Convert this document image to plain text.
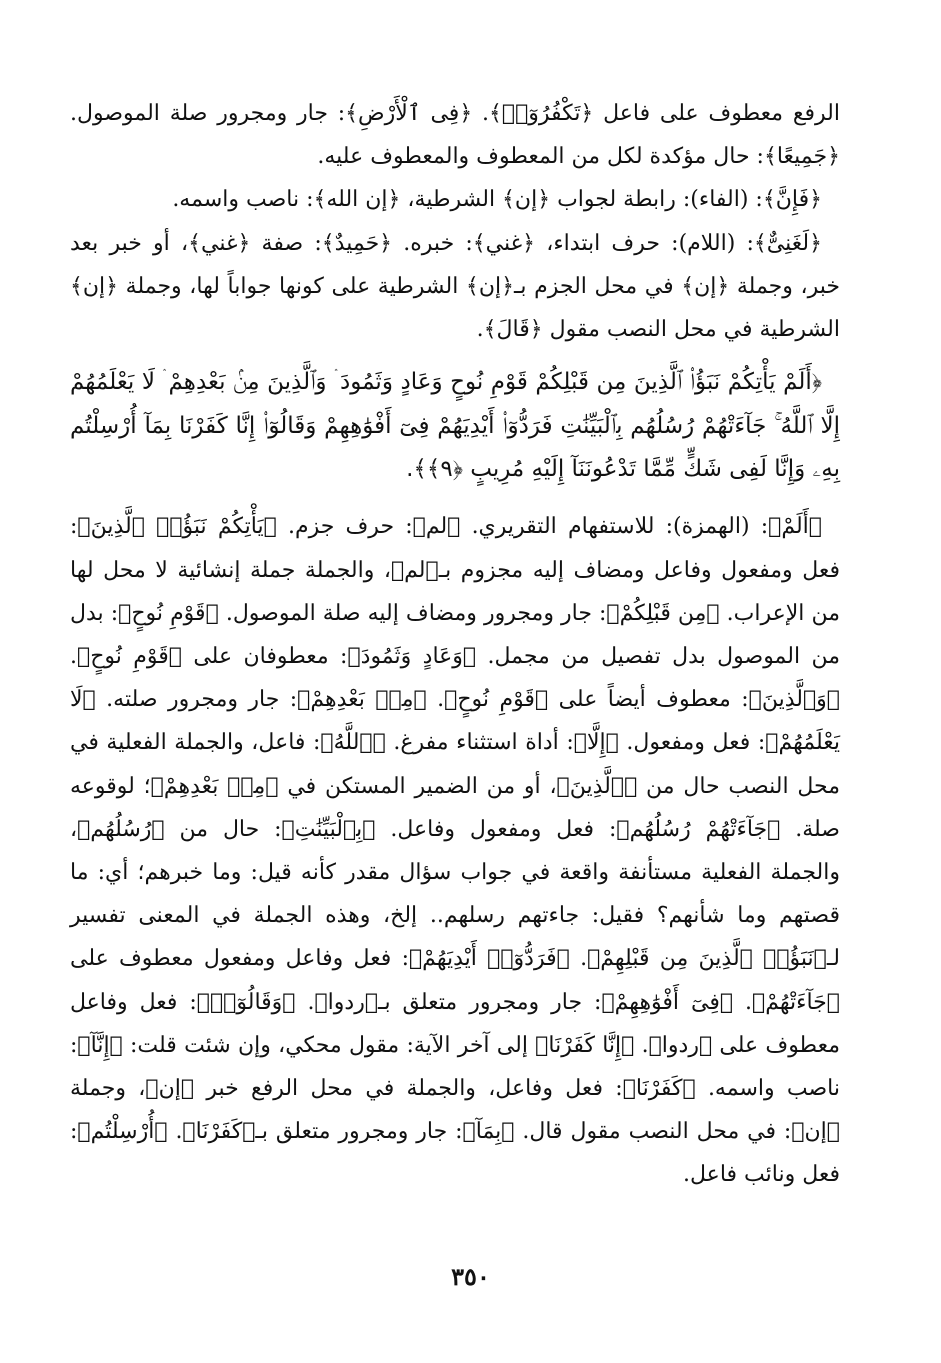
الرفع معطوف على فاعل ﴿تَكْفُرُوٓا۟﴾. ﴿فِى ٱلْأَرْضِ﴾: جار ومجرور صلة الموصول. ﴿جَمِيعًا﴾: حال مؤكدة لكل من المعطوف والمعطوف عليه.

﴿فَإِنَّ﴾: (الفاء): رابطة لجواب ﴿إن﴾ الشرطية، ﴿إن الله﴾: ناصب واسمه.

﴿لَغَنِىٌّ﴾: (اللام): حرف ابتداء، ﴿غني﴾: خبره. ﴿حَمِيدٌ﴾: صفة ﴿غني﴾، أو خبر بعد خبر، وجملة ﴿إن﴾ في محل الجزم بـ﴿إن﴾ الشرطية على كونها جواباً لها، وجملة ﴿إن﴾ الشرطية في محل النصب مقول ﴿قَالَ﴾.

﴿أَلَمْ يَأْتِكُمْ نَبَؤُا۟ ٱلَّذِينَ مِن قَبْلِكُمْ قَوْمِ نُوحٍ وَعَادٍ وَثَمُودَ ۛ وَٱلَّذِينَ مِنۢ بَعْدِهِمْ ۛ لَا يَعْلَمُهُمْ إِلَّا ٱللَّهُ ۚ جَآءَتْهُمْ رُسُلُهُم بِٱلْبَيِّنَٰتِ فَرَدُّوٓا۟ أَيْدِيَهُمْ فِىٓ أَفْوَٰهِهِمْ وَقَالُوٓا۟ إِنَّا كَفَرْنَا بِمَآ أُرْسِلْتُم بِهِۦ وَإِنَّا لَفِى شَكٍّ مِّمَّا تَدْعُونَنَآ إِلَيْهِ مُرِيبٍ ﴿٩﴾﴾.

﴿أَلَمْ﴾: (الهمزة): للاستفهام التقريري. ﴿لم﴾: حرف جزم. ﴿يَأْتِكُمْ نَبَؤُا۟ ٱلَّذِينَ﴾: فعل ومفعول وفاعل ومضاف إليه مجزوم بـ﴿لم﴾، والجملة جملة إنشائية لا محل لها من الإعراب. ﴿مِن قَبْلِكُمْ﴾: جار ومجرور ومضاف إليه صلة الموصول. ﴿قَوْمِ نُوحٍ﴾: بدل من الموصول بدل تفصيل من مجمل. ﴿وَعَادٍ وَثَمُودَ﴾: معطوفان على ﴿قَوْمِ نُوحٍ﴾. ﴿وَٱلَّذِينَ﴾: معطوف أيضاً على ﴿قَوْمِ نُوحٍ﴾. ﴿مِنۢ بَعْدِهِمْ﴾: جار ومجرور صلته. ﴿لَا يَعْلَمُهُمْ﴾: فعل ومفعول. ﴿إِلَّا﴾: أداة استثناء مفرغ. ﴿ٱللَّهُ﴾: فاعل، والجملة الفعلية في محل النصب حال من ﴿ٱلَّذِينَ﴾، أو من الضمير المستكن في ﴿مِنۢ بَعْدِهِمْ﴾؛ لوقوعه صلة. ﴿جَآءَتْهُمْ رُسُلُهُم﴾: فعل ومفعول وفاعل. ﴿بِٱلْبَيِّنَٰتِ﴾: حال من ﴿رُسُلُهُم﴾، والجملة الفعلية مستأنفة واقعة في جواب سؤال مقدر كأنه قيل: وما خبرهم؛ أي: ما قصتهم وما شأنهم؟ فقيل: جاءتهم رسلهم.. إلخ، وهذه الجملة في المعنى تفسير لـ﴿نَبَؤُا۟ ٱلَّذِينَ مِن قَبْلِهِمْ﴾. ﴿فَرَدُّوٓا۟ أَيْدِيَهُمْ﴾: فعل وفاعل ومفعول معطوف على ﴿جَآءَتْهُمْ﴾. ﴿فِىٓ أَفْوَٰهِهِمْ﴾: جار ومجرور متعلق بـ﴿ردوا﴾. ﴿وَقَالُوٓا۟﴾: فعل وفاعل معطوف على ﴿ردوا﴾. ﴿إِنَّا كَفَرْنَا﴾ إلى آخر الآية: مقول محكي، وإن شئت قلت: ﴿إِنَّآ﴾: ناصب واسمه. ﴿كَفَرْنَا﴾: فعل وفاعل، والجملة في محل الرفع خبر ﴿إن﴾، وجملة ﴿إن﴾: في محل النصب مقول قال. ﴿بِمَآ﴾: جار ومجرور متعلق بـ﴿كَفَرْنَا﴾. ﴿أُرْسِلْتُم﴾: فعل ونائب فاعل.

٣٥٠
